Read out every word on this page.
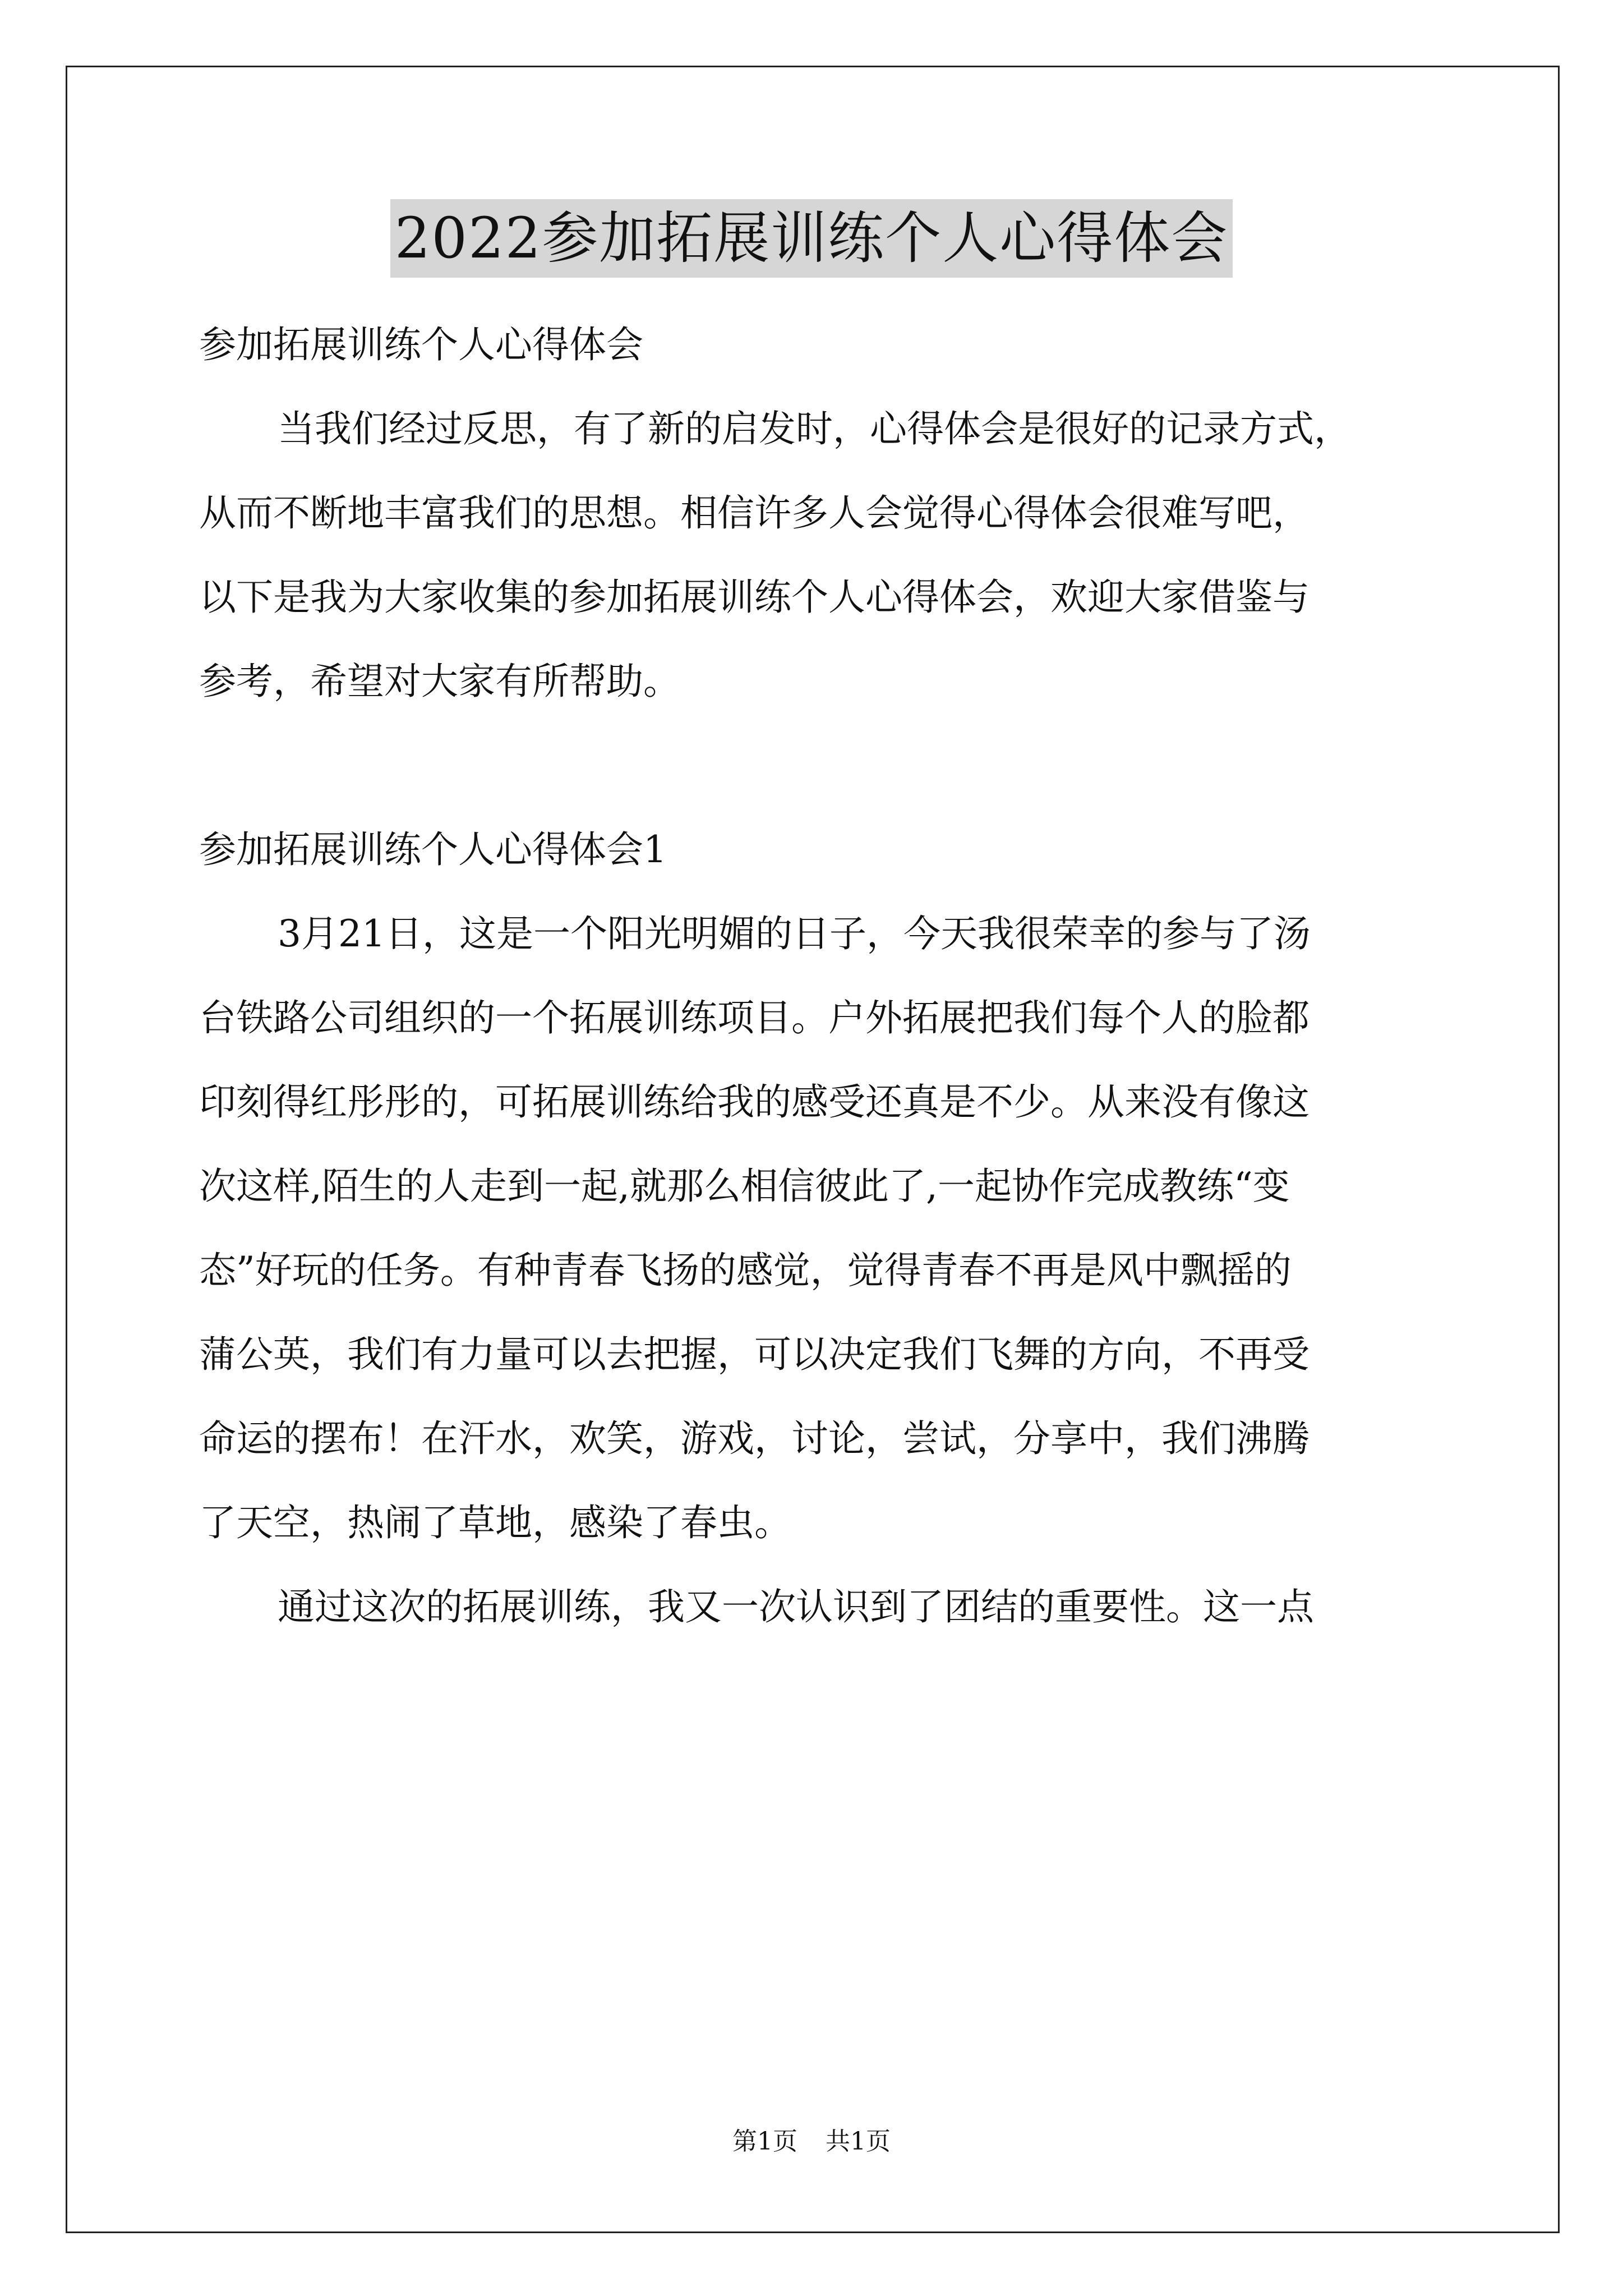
2022参加拓展训练个人心得体会
参加拓展训练个人心得体会
当我们经过反思，有了新的启发时，心得体会是很好的记录方式，
从而不断地丰富我们的思想。相信许多人会觉得心得体会很难写吧，
以下是我为大家收集的参加拓展训练个人心得体会，欢迎大家借鉴与
参考，希望对大家有所帮助。
参加拓展训练个人心得体会1
3月21日，这是一个阳光明媚的日子，今天我很荣幸的参与了汤
台铁路公司组织的一个拓展训练项目。户外拓展把我们每个人的脸都
印刻得红彤彤的，可拓展训练给我的感受还真是不少。从来没有像这
次这样,陌生的人走到一起,就那么相信彼此了,一起协作完成教练“变
态”好玩的任务。有种青春飞扬的感觉，觉得青春不再是风中飘摇的
蒲公英，我们有力量可以去把握，可以决定我们飞舞的方向，不再受
命运的摆布！在汗水，欢笑，游戏，讨论，尝试，分享中，我们沸腾
了天空，热闹了草地，感染了春虫。
通过这次的拓展训练，我又一次认识到了团结的重要性。这一点
第1页 共1页
